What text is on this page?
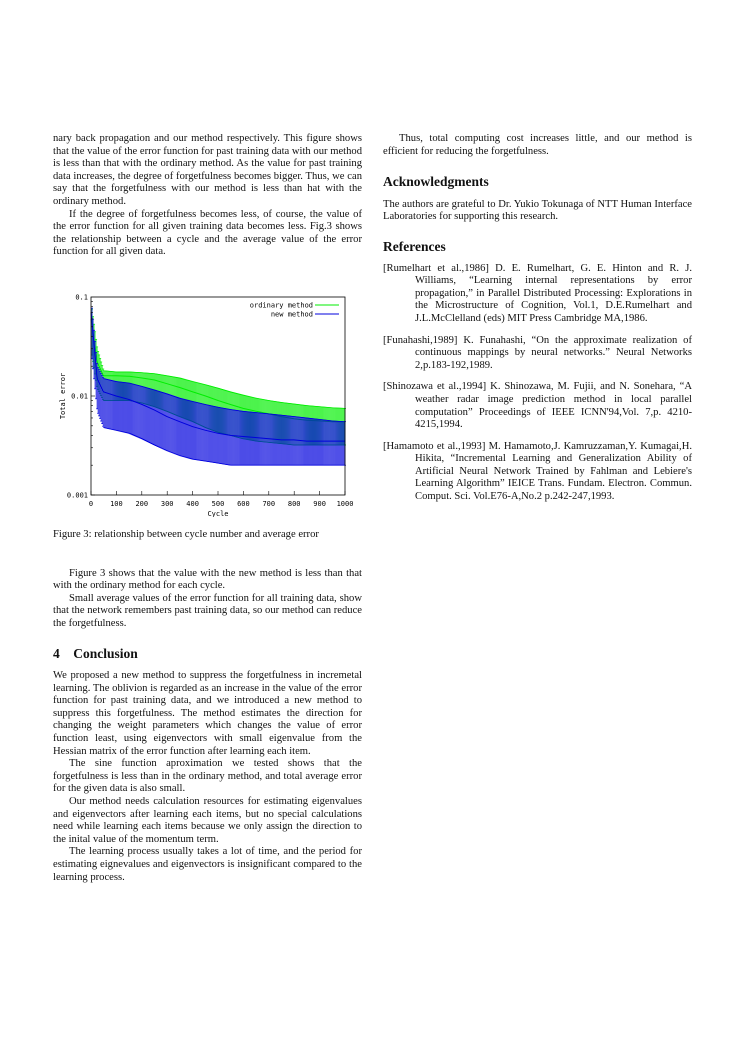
nary back propagation and our method respectively. This figure shows that the value of the error function for past training data with our method is less than that with the ordinary method. As the value for past training data increases, the degree of forgetfulness becomes bigger. Thus, we can say that the forgetfulness with our method is less than hat with the ordinary method.

If the degree of forgetfulness becomes less, of course, the value of the error function for all given training data becomes less. Fig.3 shows the relationship between a cycle and the average value of the error function for all given data.

0 100 200 300 400 500 600 700 800 900 1000
0.001
0.01
0.1
Cycle
Total error
ordinary method
new method

Figure 3: relationship between cycle number and average error

Figure 3 shows that the value with the new method is less than that with the ordinary method for each cycle.

Small average values of the error function for all training data, show that the network remembers past training data, so our method can reduce the forgetfulness.

4 Conclusion

We proposed a new method to suppress the forgetfulness in incremetal learning. The oblivion is regarded as an increase in the value of the error function for past training data, and we introduced a new method to suppress this forgetfulness. The method estimates the direction for changing the weight parameters which changes the value of error function least, using eigenvectors with small eigenvalue from the Hessian matrix of the error function after learning each item.

The sine function aproximation we tested shows that the forgetfulness is less than in the ordinary method, and total average error for the given data is also small.

Our method needs calculation resources for estimating eigenvalues and eigenvectors after learning each items, but no special calculations need while learning each items because we only assign the direction to the inital value of the momentum term.

The learning process usually takes a lot of time, and the period for estimating eignevalues and eigenvectors is insignificant compared to the learning process.

Thus, total computing cost increases little, and our method is efficient for reducing the forgetfulness.

Acknowledgments

The authors are grateful to Dr. Yukio Tokunaga of NTT Human Interface Laboratories for supporting this research.

References
[Rumelhart et al.,1986] D. E. Rumelhart, G. E. Hinton and R. J. Williams, “Learning internal representations by error propagation,” in Parallel Distributed Processing: Explorations in the Microstructure of Cognition, Vol.1, D.E.Rumelhart and J.L.McClelland (eds) MIT Press Cambridge MA,1986.
[Funahashi,1989] K. Funahashi, “On the approximate realization of continuous mappings by neural networks.” Neural Networks 2,p.183-192,1989.
[Shinozawa et al.,1994] K. Shinozawa, M. Fujii, and N. Sonehara, “A weather radar image prediction method in local parallel computation” Proceedings of IEEE ICNN'94,Vol. 7,p. 4210-4215,1994.
[Hamamoto et al.,1993] M. Hamamoto,J. Kamruzzaman,Y. Kumagai,H. Hikita, “Incremental Learning and Generalization Ability of Artificial Neural Network Trained by Fahlman and Lebiere's Learning Algorithm” IEICE Trans. Fundam. Electron. Commun. Comput. Sci. Vol.E76-A,No.2 p.242-247,1993.
